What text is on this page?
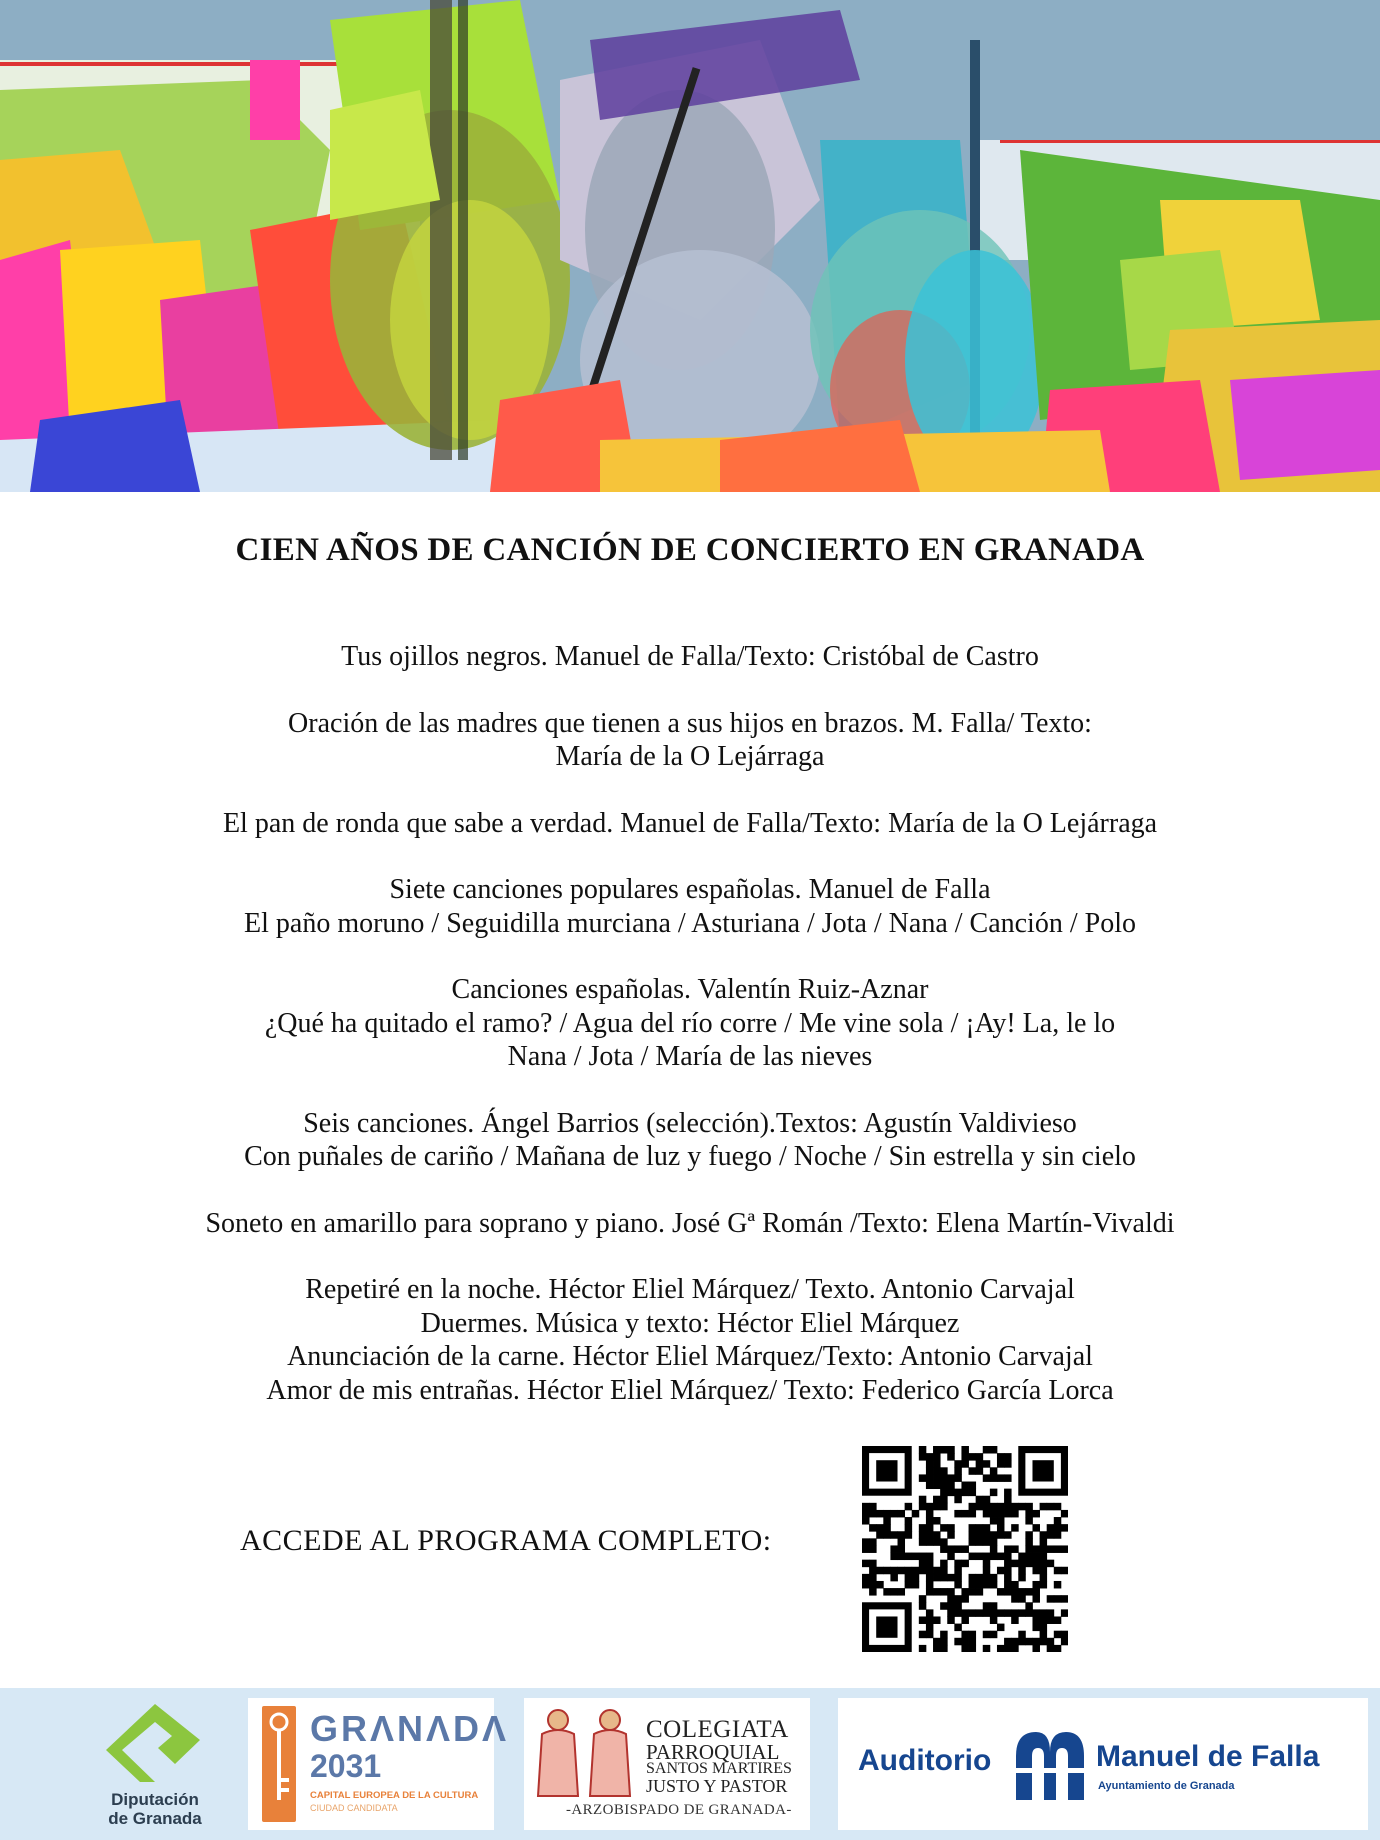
CIEN AÑOS DE CANCIÓN DE CONCIERTO EN GRANADA
Tus ojillos negros. Manuel de Falla/Texto: Cristóbal de Castro
Oración de las madres que tienen a sus hijos en brazos. M. Falla/ Texto:
María de la O Lejárraga
El pan de ronda que sabe a verdad. Manuel de Falla/Texto: María de la O Lejárraga
Siete canciones populares españolas. Manuel de Falla
El paño moruno / Seguidilla murciana / Asturiana / Jota / Nana / Canción / Polo
Canciones españolas. Valentín Ruiz-Aznar
¿Qué ha quitado el ramo? / Agua del río corre / Me vine sola / ¡Ay! La, le lo
Nana / Jota / María de las nieves
Seis canciones. Ángel Barrios (selección).Textos: Agustín Valdivieso
Con puñales de cariño / Mañana de luz y fuego / Noche / Sin estrella y sin cielo
Soneto en amarillo para soprano y piano. José Gª Román /Texto: Elena Martín-Vivaldi
Repetiré en la noche. Héctor Eliel Márquez/ Texto. Antonio Carvajal
Duermes. Música y texto: Héctor Eliel Márquez
Anunciación de la carne. Héctor Eliel Márquez/Texto: Antonio Carvajal
Amor de mis entrañas. Héctor Eliel Márquez/ Texto: Federico García Lorca
ACCEDE AL PROGRAMA COMPLETO:
Diputación
de Granada
GRΛNΛDΛ
2031
CAPITAL EUROPEA DE LA CULTURA
CIUDAD CANDIDATA
COLEGIATA
PARROQUIAL
SANTOS MARTIRES
JUSTO Y PASTOR
-ARZOBISPADO DE GRANADA-
Auditorio	Manuel de Falla
Ayuntamiento de Granada
